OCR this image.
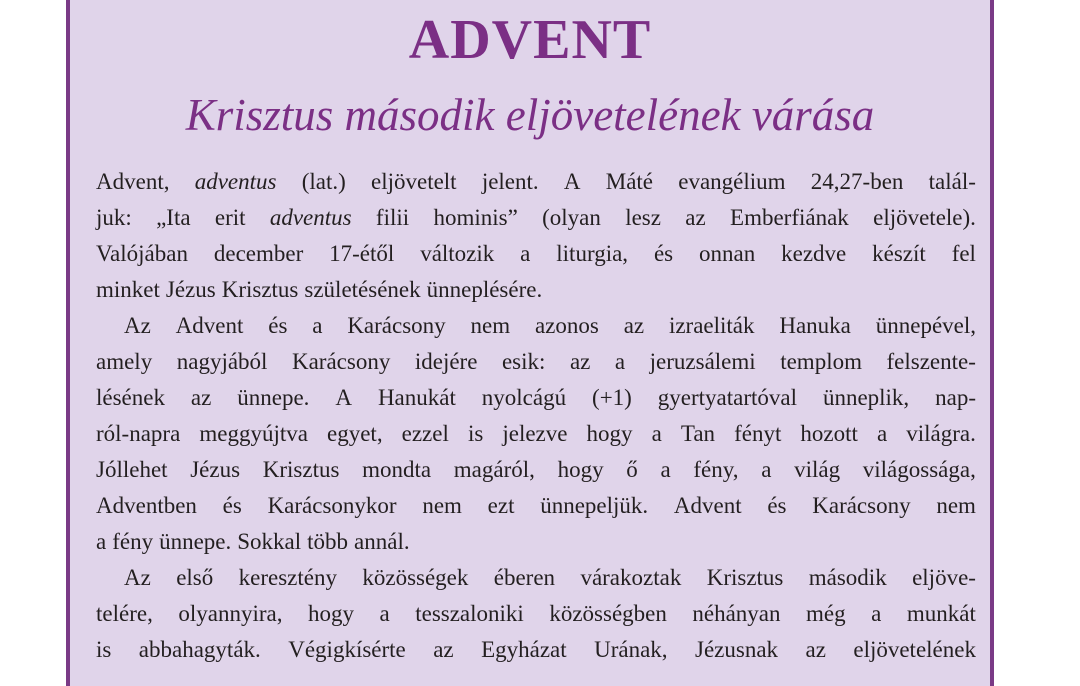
ADVENT
Krisztus második eljövetelének várása
Advent, adventus (lat.) eljövetelt jelent. A Máté evangélium 24,27-ben talál-
juk: „Ita erit adventus filii hominis” (olyan lesz az Emberfiának eljövetele).
Valójában december 17-étől változik a liturgia, és onnan kezdve készít fel
minket Jézus Krisztus születésének ünneplésére.
Az Advent és a Karácsony nem azonos az izraeliták Hanuka ünnepével,
amely nagyjából Karácsony idejére esik: az a jeruzsálemi templom felszente-
lésének az ünnepe. A Hanukát nyolcágú (+1) gyertyatartóval ünneplik, nap-
ról-napra meggyújtva egyet, ezzel is jelezve hogy a Tan fényt hozott a világra.
Jóllehet Jézus Krisztus mondta magáról, hogy ő a fény, a világ világossága,
Adventben és Karácsonykor nem ezt ünnepeljük. Advent és Karácsony nem
a fény ünnepe. Sokkal több annál.
Az első keresztény közösségek éberen várakoztak Krisztus második eljöve-
telére, olyannyira, hogy a tesszaloniki közösségben néhányan még a munkát
is abbahagyták. Végigkísérte az Egyházat Urának, Jézusnak az eljövetelének
